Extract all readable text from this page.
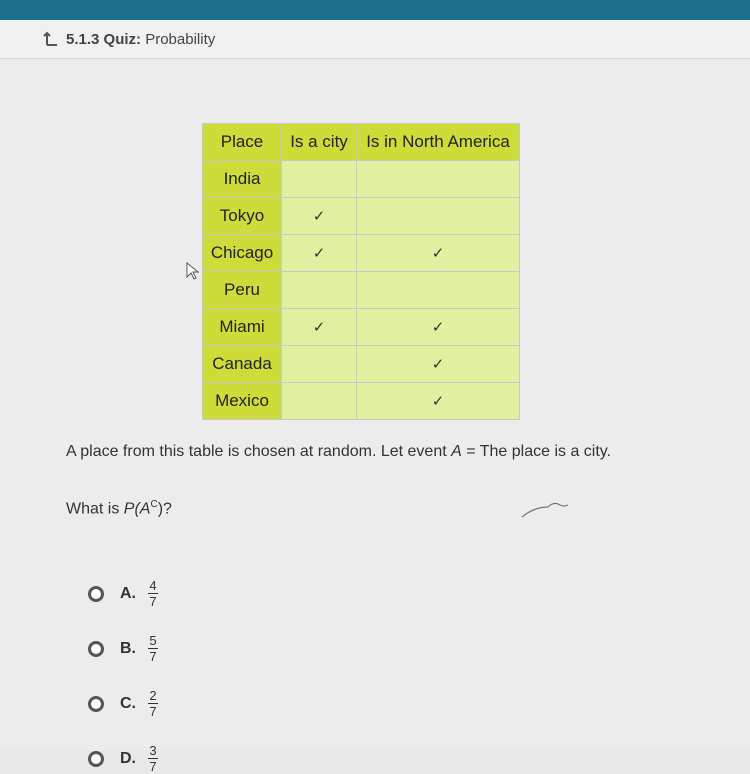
5.1.3 Quiz: Probability
Place	Is a city	Is in North America
India		
Tokyo	✓	
Chicago	✓	✓
Peru		
Miami	✓	✓
Canada		✓
Mexico		✓
A place from this table is chosen at random. Let event A = The place is a city.
What is $P(A^C)$?
A. $\frac{4}{7}$
B. $\frac{5}{7}$
C. $\frac{2}{7}$
D. $\frac{3}{7}$
